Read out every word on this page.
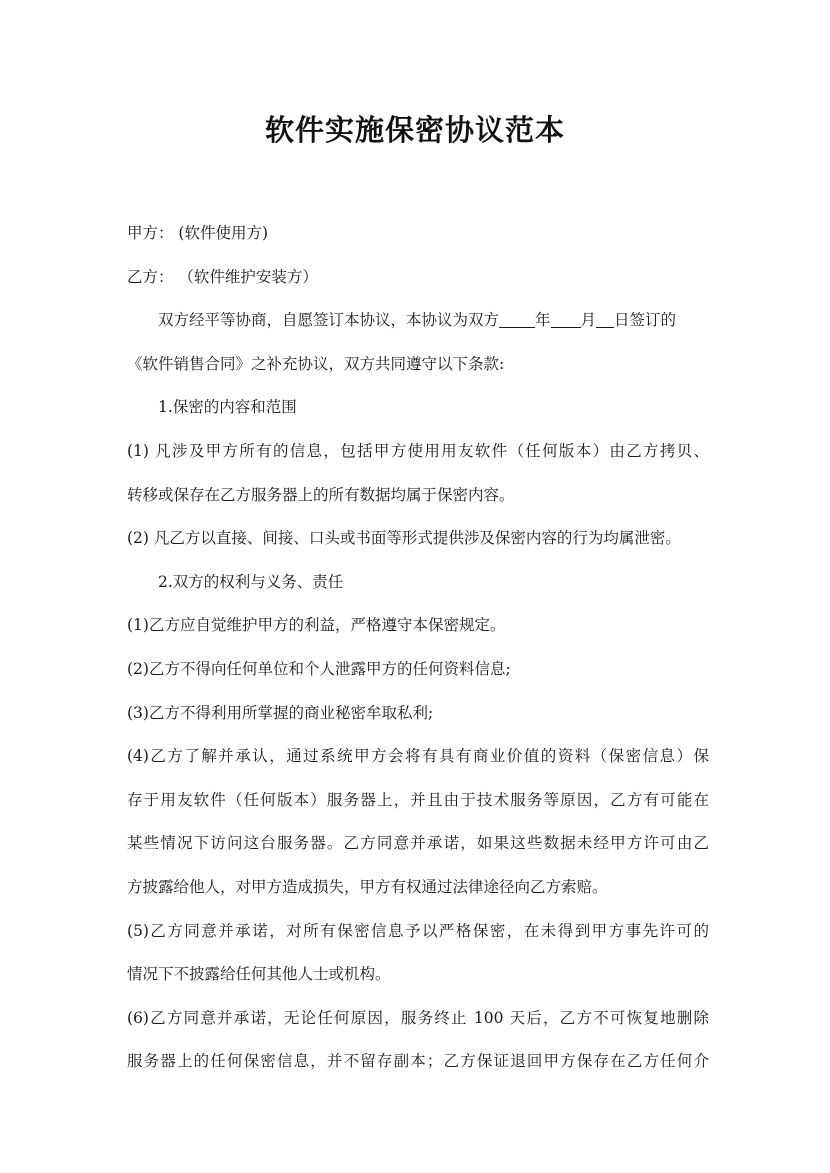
软件实施保密协议范本
甲方： (软件使用方)
乙方： （软件维护安装方）
双方经平等协商，自愿签订本协议，本协议为双方 年 月 日签订的
《软件销售合同》之补充协议，双方共同遵守以下条款:
1.保密的内容和范围
(1) 凡涉及甲方所有的信息，包括甲方使用用友软件（任何版本）由乙方拷贝、
转移或保存在乙方服务器上的所有数据均属于保密内容。
(2) 凡乙方以直接、间接、口头或书面等形式提供涉及保密内容的行为均属泄密。
2.双方的权利与义务、责任
(1)乙方应自觉维护甲方的利益，严格遵守本保密规定。
(2)乙方不得向任何单位和个人泄露甲方的任何资料信息;
(3)乙方不得利用所掌握的商业秘密牟取私利;
(4)乙方了解并承认，通过系统甲方会将有具有商业价值的资料（保密信息）保
存于用友软件（任何版本）服务器上，并且由于技术服务等原因，乙方有可能在
某些情况下访问这台服务器。乙方同意并承诺，如果这些数据未经甲方许可由乙
方披露给他人，对甲方造成损失，甲方有权通过法律途径向乙方索赔。
(5)乙方同意并承诺，对所有保密信息予以严格保密，在未得到甲方事先许可的
情况下不披露给任何其他人士或机构。
(6)乙方同意并承诺，无论任何原因，服务终止 100 天后，乙方不可恢复地删除
服务器上的任何保密信息，并不留存副本；乙方保证退回甲方保存在乙方任何介
